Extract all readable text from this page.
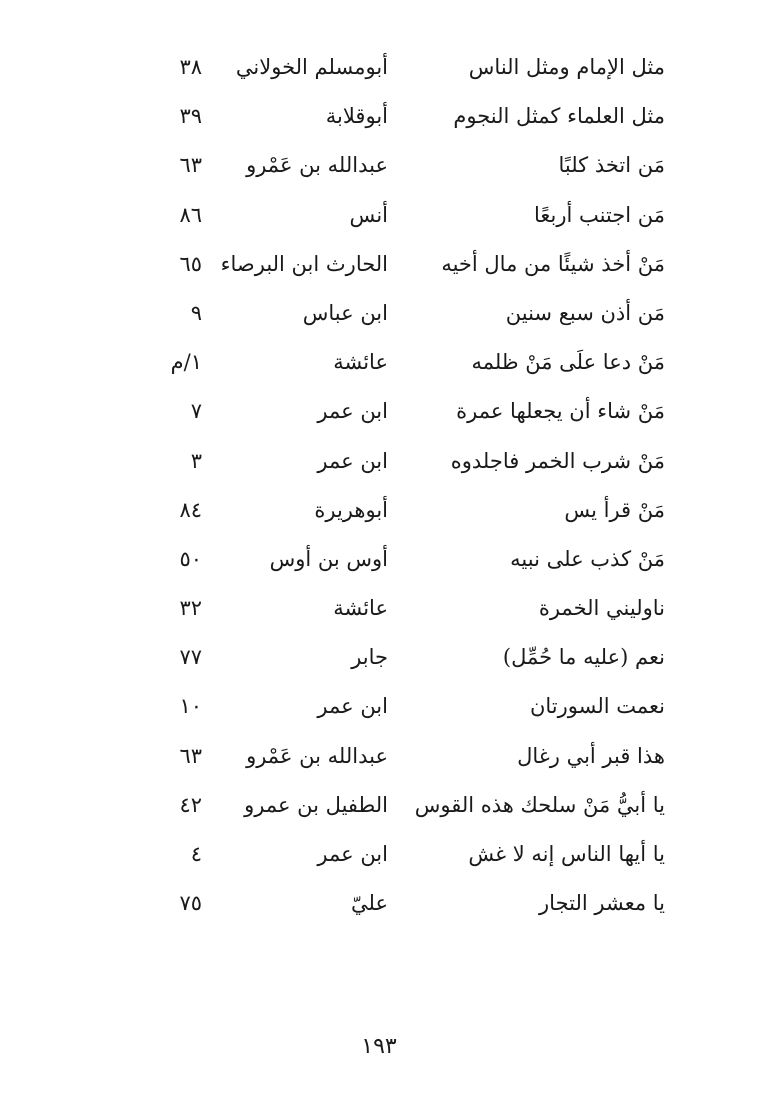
مثل الإمام ومثل الناس
أبومسلم الخولاني
٣٨
مثل العلماء كمثل النجوم
أبوقلابة
٣٩
مَن اتخذ كلبًا
عبدالله بن عَمْرو
٦٣
مَن اجتنب أربعًا
أنس
٨٦
مَنْ أخذ شيئًا من مال أخيه
الحارث ابن البرصاء
٦٥
مَن أذن سبع سنين
ابن عباس
٩
مَنْ دعا علَى مَنْ ظلمه
عائشة
١/م
مَنْ شاء أن يجعلها عمرة
ابن عمر
٧
مَنْ شرب الخمر فاجلدوه
ابن عمر
٣
مَنْ قرأ يس
أبوهريرة
٨٤
مَنْ كذب على نبيه
أوس بن أوس
٥٠
ناوليني الخمرة
عائشة
٣٢
نعم (عليه ما حُمِّل)
جابر
٧٧
نعمت السورتان
ابن عمر
١٠
هذا قبر أبي رغال
عبدالله بن عَمْرو
٦٣
يا أبيُّ مَنْ سلحك هذه القوس
الطفيل بن عمرو
٤٢
يا أيها الناس إنه لا غش
ابن عمر
٤
يا معشر التجار
عليّ
٧٥
١٩٣
